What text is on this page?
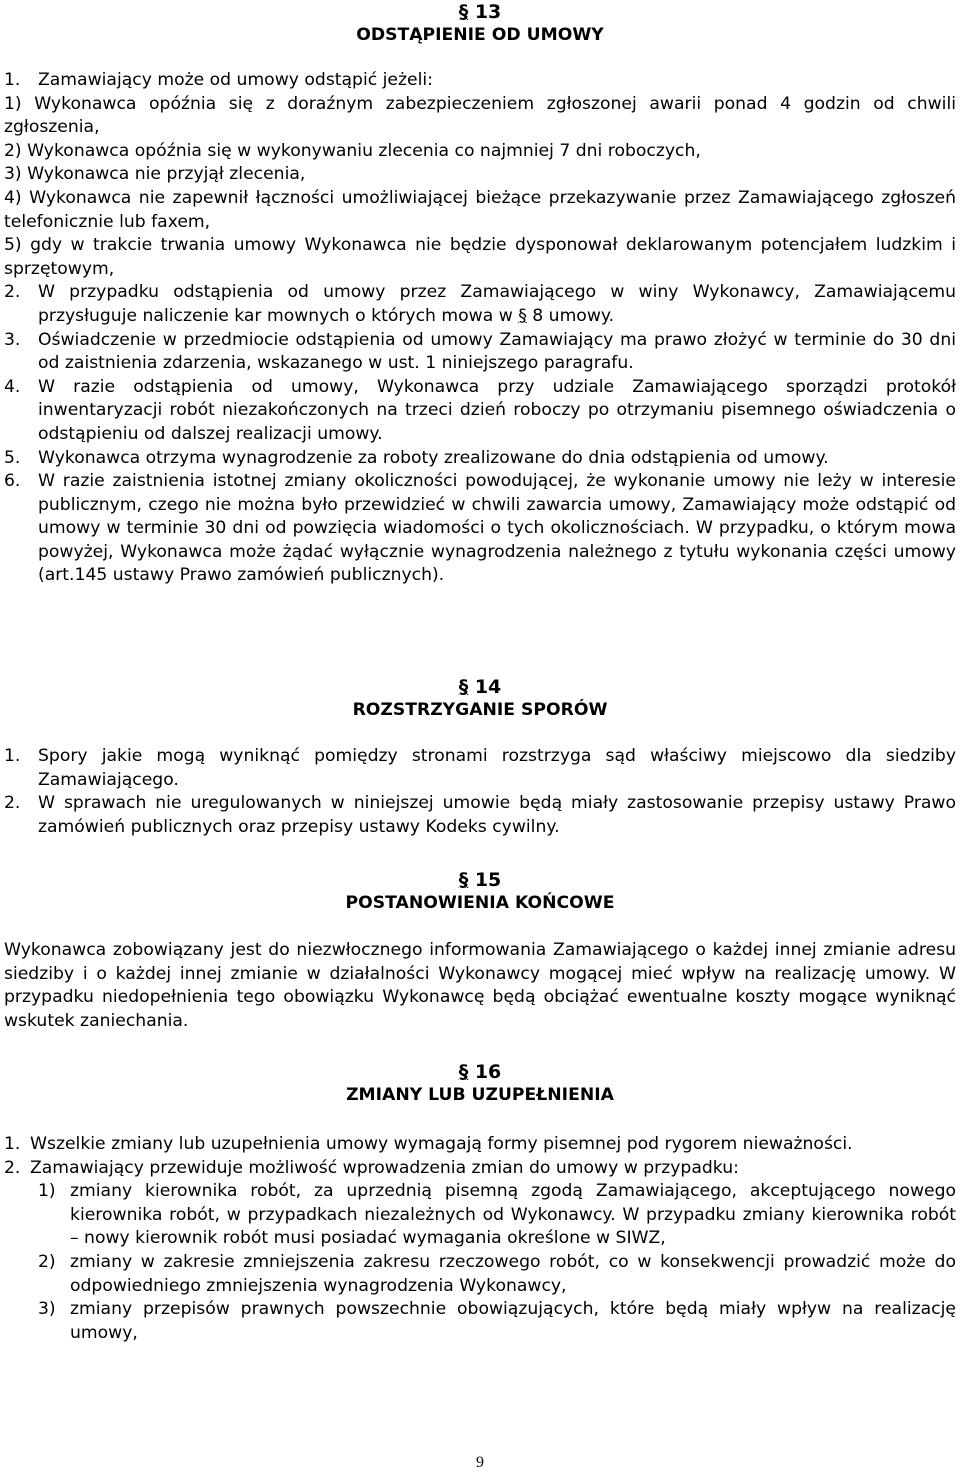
§ 13
ODSTĄPIENIE OD UMOWY
1. Zamawiający może od umowy odstąpić jeżeli:
1) Wykonawca opóźnia się z doraźnym zabezpieczeniem zgłoszonej awarii ponad 4 godzin od chwili zgłoszenia,
2) Wykonawca opóźnia się w wykonywaniu zlecenia co najmniej 7 dni roboczych,
3) Wykonawca nie przyjął zlecenia,
4) Wykonawca nie zapewnił łączności umożliwiającej bieżące przekazywanie przez Zamawiającego zgłoszeń telefonicznie lub faxem,
5) gdy w trakcie trwania umowy Wykonawca nie będzie dysponował deklarowanym potencjałem ludzkim i sprzętowym,
2. W przypadku odstąpienia od umowy przez Zamawiającego w winy Wykonawcy, Zamawiającemu przysługuje naliczenie kar mownych o których mowa w § 8 umowy.
3. Oświadczenie w przedmiocie odstąpienia od umowy Zamawiający ma prawo złożyć w terminie do 30 dni od zaistnienia zdarzenia, wskazanego w ust. 1 niniejszego paragrafu.
4. W razie odstąpienia od umowy, Wykonawca przy udziale Zamawiającego sporządzi protokół inwentaryzacji robót niezakończonych na trzeci dzień roboczy po otrzymaniu pisemnego oświadczenia o odstąpieniu od dalszej realizacji umowy.
5. Wykonawca otrzyma wynagrodzenie za roboty zrealizowane do dnia odstąpienia od umowy.
6. W razie zaistnienia istotnej zmiany okoliczności powodującej, że wykonanie umowy nie leży w interesie publicznym, czego nie można było przewidzieć w chwili zawarcia umowy, Zamawiający może odstąpić od umowy w terminie 30 dni od powzięcia wiadomości o tych okolicznościach. W przypadku, o którym mowa powyżej, Wykonawca może żądać wyłącznie wynagrodzenia należnego z tytułu wykonania części umowy (art.145 ustawy Prawo zamówień publicznych).
§ 14
ROZSTRZYGANIE SPORÓW
1. Spory jakie mogą wyniknąć pomiędzy stronami rozstrzyga sąd właściwy miejscowo dla siedziby Zamawiającego.
2. W sprawach nie uregulowanych w niniejszej umowie będą miały zastosowanie przepisy ustawy Prawo zamówień publicznych oraz przepisy ustawy Kodeks cywilny.
§ 15
POSTANOWIENIA KOŃCOWE

Wykonawca zobowiązany jest do niezwłocznego informowania Zamawiającego o każdej innej zmianie adresu siedziby i o każdej innej zmianie w działalności Wykonawcy mogącej mieć wpływ na realizację umowy. W przypadku niedopełnienia tego obowiązku Wykonawcę będą obciążać ewentualne koszty mogące wyniknąć wskutek zaniechania.

§ 16
ZMIANY LUB UZUPEŁNIENIA
1. Wszelkie zmiany lub uzupełnienia umowy wymagają formy pisemnej pod rygorem nieważności.
2. Zamawiający przewiduje możliwość wprowadzenia zmian do umowy w przypadku:
1) zmiany kierownika robót, za uprzednią pisemną zgodą Zamawiającego, akceptującego nowego kierownika robót, w przypadkach niezależnych od Wykonawcy. W przypadku zmiany kierownika robót – nowy kierownik robót musi posiadać wymagania określone w SIWZ,
2) zmiany w zakresie zmniejszenia zakresu rzeczowego robót, co w konsekwencji prowadzić może do odpowiedniego zmniejszenia wynagrodzenia Wykonawcy,
3) zmiany przepisów prawnych powszechnie obowiązujących, które będą miały wpływ na realizację umowy,
9
